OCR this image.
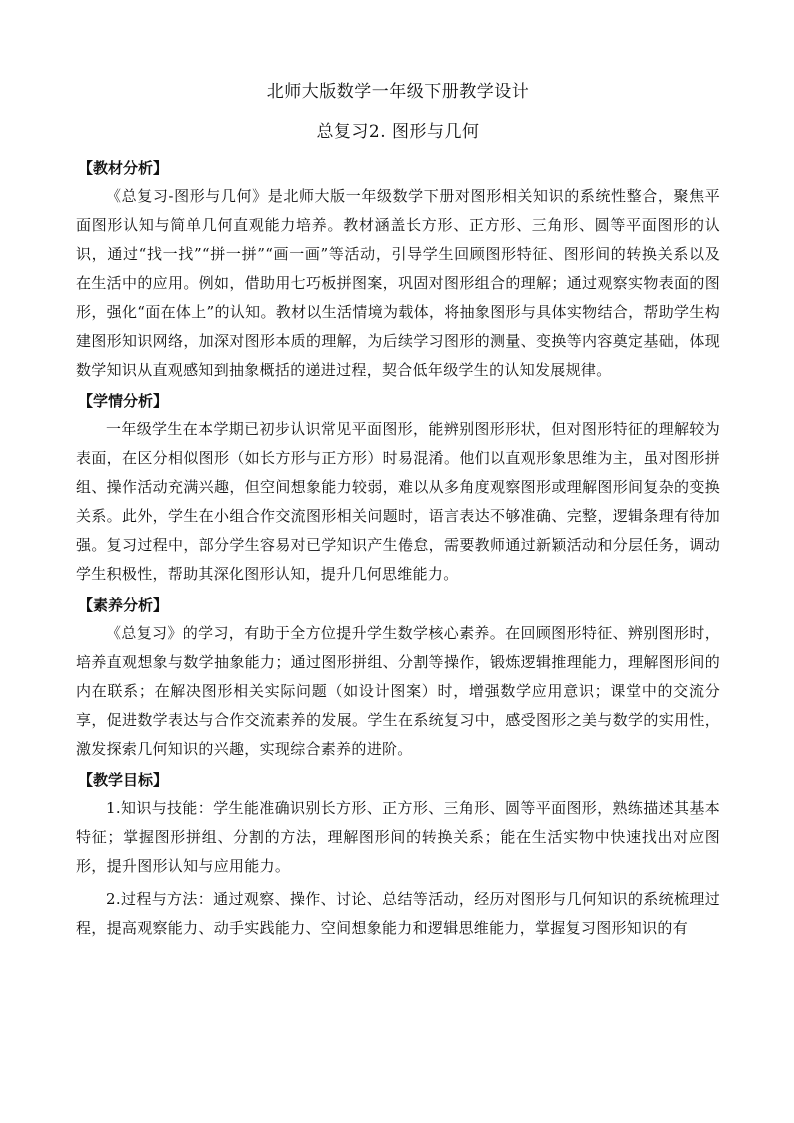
北师大版数学一年级下册教学设计
总复习2. 图形与几何

【教材分析】

《总复习-图形与几何》是北师大版一年级数学下册对图形相关知识的系统性整合，聚焦平面图形认知与简单几何直观能力培养。教材涵盖长方形、正方形、三角形、圆等平面图形的认识，通过“找一找”“拼一拼”“画一画”等活动，引导学生回顾图形特征、图形间的转换关系以及在生活中的应用。例如，借助用七巧板拼图案，巩固对图形组合的理解；通过观察实物表面的图形，强化“面在体上”的认知。教材以生活情境为载体，将抽象图形与具体实物结合，帮助学生构建图形知识网络，加深对图形本质的理解，为后续学习图形的测量、变换等内容奠定基础，体现数学知识从直观感知到抽象概括的递进过程，契合低年级学生的认知发展规律。

【学情分析】

一年级学生在本学期已初步认识常见平面图形，能辨别图形形状，但对图形特征的理解较为表面，在区分相似图形（如长方形与正方形）时易混淆。他们以直观形象思维为主，虽对图形拼组、操作活动充满兴趣，但空间想象能力较弱，难以从多角度观察图形或理解图形间复杂的变换关系。此外，学生在小组合作交流图形相关问题时，语言表达不够准确、完整，逻辑条理有待加强。复习过程中，部分学生容易对已学知识产生倦怠，需要教师通过新颖活动和分层任务，调动学生积极性，帮助其深化图形认知，提升几何思维能力。

【素养分析】

《总复习》的学习，有助于全方位提升学生数学核心素养。在回顾图形特征、辨别图形时，培养直观想象与数学抽象能力；通过图形拼组、分割等操作，锻炼逻辑推理能力，理解图形间的内在联系；在解决图形相关实际问题（如设计图案）时，增强数学应用意识；课堂中的交流分享，促进数学表达与合作交流素养的发展。学生在系统复习中，感受图形之美与数学的实用性，激发探索几何知识的兴趣，实现综合素养的进阶。

【教学目标】

1.知识与技能：学生能准确识别长方形、正方形、三角形、圆等平面图形，熟练描述其基本特征；掌握图形拼组、分割的方法，理解图形间的转换关系；能在生活实物中快速找出对应图形，提升图形认知与应用能力。

2.过程与方法：通过观察、操作、讨论、总结等活动，经历对图形与几何知识的系统梳理过程，提高观察能力、动手实践能力、空间想象能力和逻辑思维能力，掌握复习图形知识的有
